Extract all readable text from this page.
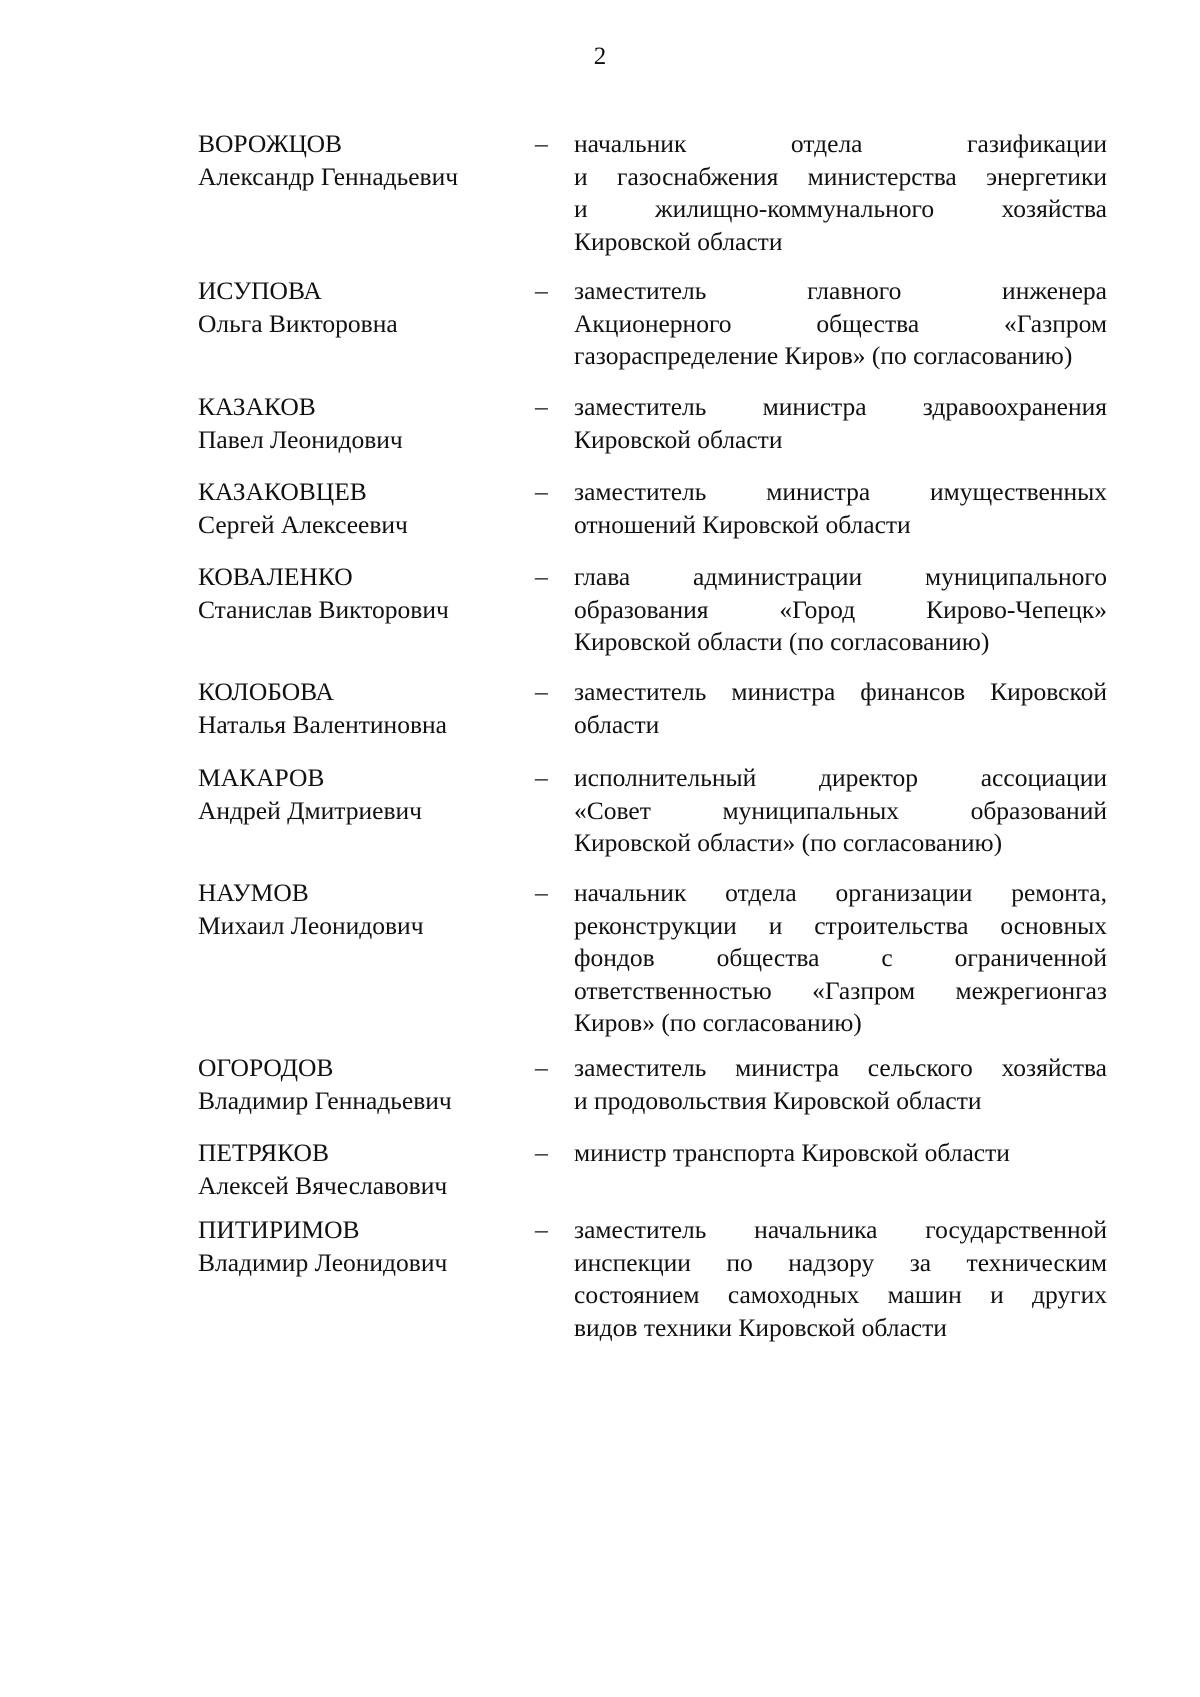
2
ВОРОЖЦОВ
Александр Геннадьевич
– начальник отдела газификации
и газоснабжения министерства энергетики
и жилищно-коммунального хозяйства
Кировской области
ИСУПОВА
Ольга Викторовна
– заместитель главного инженера
Акционерного общества «Газпром
газораспределение Киров» (по согласованию)
КАЗАКОВ
Павел Леонидович
– заместитель министра здравоохранения
Кировской области
КАЗАКОВЦЕВ
Сергей Алексеевич
– заместитель министра имущественных
отношений Кировской области
КОВАЛЕНКО
Станислав Викторович
– глава администрации муниципального
образования «Город Кирово-Чепецк»
Кировской области (по согласованию)
КОЛОБОВА
Наталья Валентиновна
– заместитель министра финансов Кировской
области
МАКАРОВ
Андрей Дмитриевич
– исполнительный директор ассоциации
«Совет муниципальных образований
Кировской области» (по согласованию)
НАУМОВ
Михаил Леонидович
– начальник отдела организации ремонта,
реконструкции и строительства основных
фондов общества с ограниченной
ответственностью «Газпром межрегионгаз
Киров» (по согласованию)
ОГОРОДОВ
Владимир Геннадьевич
– заместитель министра сельского хозяйства
и продовольствия Кировской области
ПЕТРЯКОВ
Алексей Вячеславович
– министр транспорта Кировской области
ПИТИРИМОВ
Владимир Леонидович
– заместитель начальника государственной
инспекции по надзору за техническим
состоянием самоходных машин и других
видов техники Кировской области
